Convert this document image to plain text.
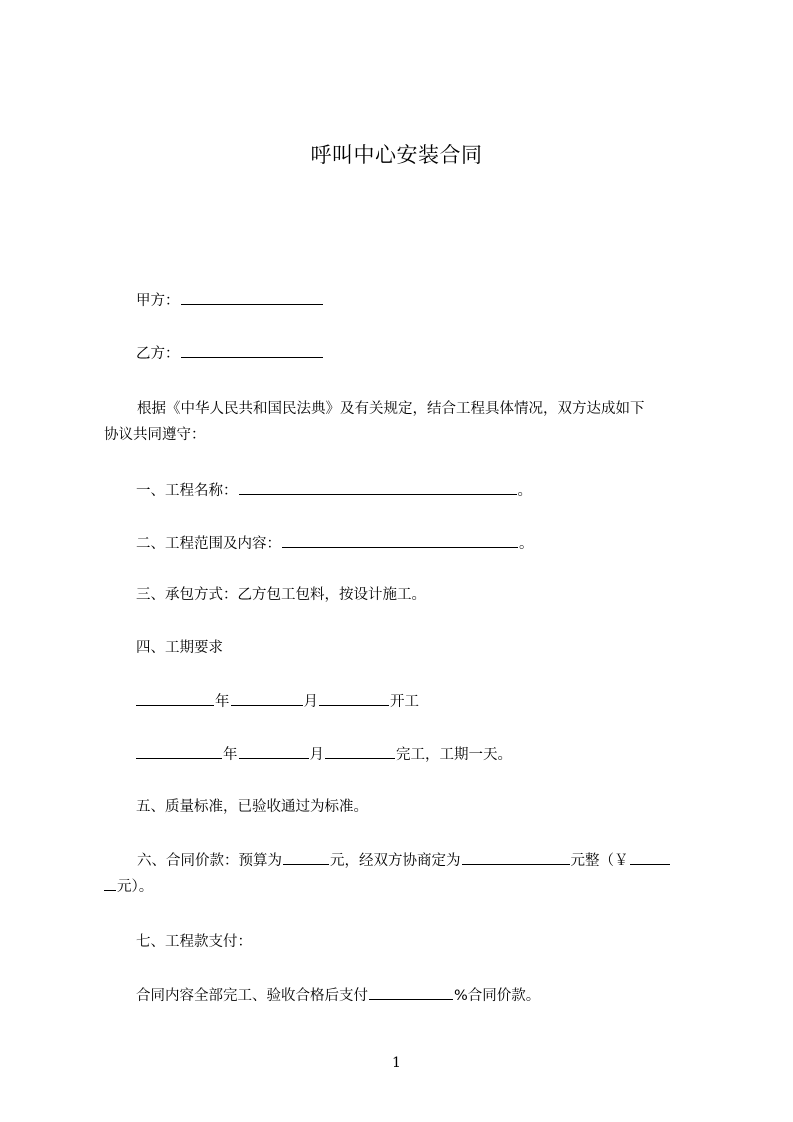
呼叫中心安装合同
甲方：
乙方：
根据《中华人民共和国民法典》及有关规定，结合工程具体情况，双方达成如下
协议共同遵守：
一、工程名称：	。
二、工程范围及内容：	。
三、承包方式：乙方包工包料，按设计施工。
四、工期要求
年	月	开工
年	月	完工，工期一天。
五、质量标准，已验收通过为标准。
六、合同价款：预算为	元，经双方协商定为	元整（￥
元）。
七、工程款支付：
合同内容全部完工、验收合格后支付	%合同价款。
1
